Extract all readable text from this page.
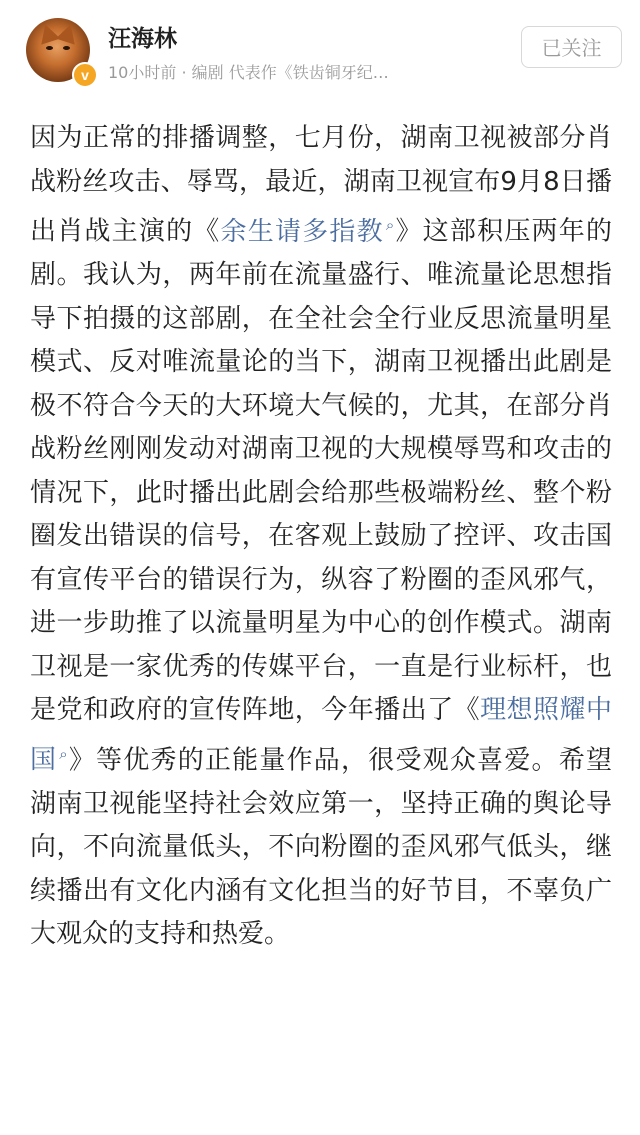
v
汪海林
10小时前 · 编剧 代表作《铁齿铜牙纪…
已关注
因为正常的排播调整，七月份，湖南卫视被部分肖战粉丝攻击、辱骂，最近，湖南卫视宣布9月8日播出肖战主演的《余生请多指教 ⌕》这部积压两年的剧。我认为，两年前在流量盛行、唯流量论思想指导下拍摄的这部剧，在全社会全行业反思流量明星模式、反对唯流量论的当下，湖南卫视播出此剧是极不符合今天的大环境大气候的，尤其，在部分肖战粉丝刚刚发动对湖南卫视的大规模辱骂和攻击的情况下，此时播出此剧会给那些极端粉丝、整个粉圈发出错误的信号，在客观上鼓励了控评、攻击国有宣传平台的错误行为，纵容了粉圈的歪风邪气，进一步助推了以流量明星为中心的创作模式。湖南卫视是一家优秀的传媒平台，一直是行业标杆，也是党和政府的宣传阵地，今年播出了《理想照耀中国 ⌕》等优秀的正能量作品，很受观众喜爱。希望湖南卫视能坚持社会效应第一，坚持正确的舆论导向，不向流量低头，不向粉圈的歪风邪气低头，继续播出有文化内涵有文化担当的好节目，不辜负广大观众的支持和热爱。
